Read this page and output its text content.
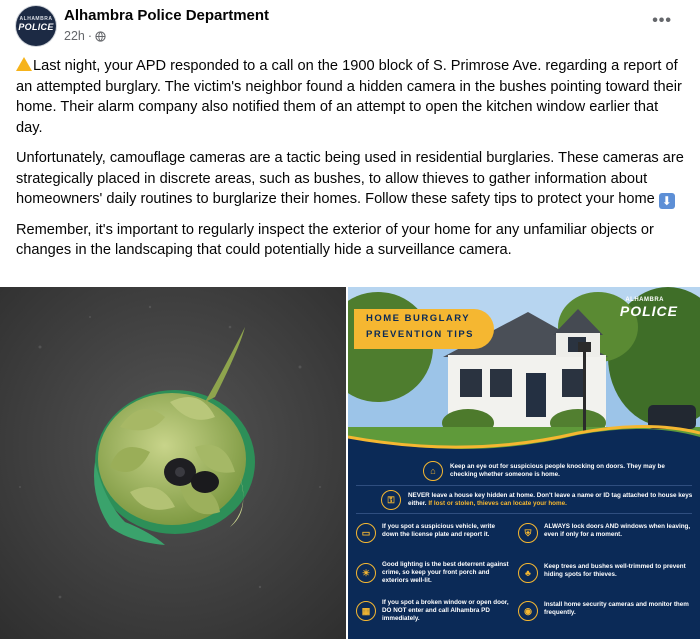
ALHAMBRA
POLICE
Alhambra Police Department
22h ·
•••

Last night, your APD responded to a call on the 1900 block of S. Primrose Ave. regarding a report of an attempted burglary. The victim's neighbor found a hidden camera in the bushes pointing toward their home. Their alarm company also notified them of an attempt to open the kitchen window earlier that day.

Unfortunately, camouflage cameras are a tactic being used in residential burglaries. These cameras are strategically placed in discrete areas, such as bushes, to allow thieves to gather information about homeowners' daily routines to burglarize their homes. Follow these safety tips to protect your home ⬇

Remember, it's important to regularly inspect the exterior of your home for any unfamiliar objects or changes in the landscaping that could potentially hide a surveillance camera.

HOME BURGLARY
PREVENTION TIPS
ALHAMBRA
POLICE
⌂	Keep an eye out for suspicious people knocking on doors. They may be checking whether someone is home.
⚿	NEVER leave a house key hidden at home. Don't leave a name or ID tag attached to house keys either. If lost or stolen, thieves can locate your home.
▭
If you spot a suspicious vehicle, write down the license plate and report it.	⛨
ALWAYS lock doors AND windows when leaving, even if only for a moment.
☀
Good lighting is the best deterrent against crime, so keep your front porch and exteriors well-lit.
♣
Keep trees and bushes well-trimmed to prevent hiding spots for thieves.
▦
If you spot a broken window or open door, DO NOT enter and call Alhambra PD immediately.
◉
Install home security cameras and monitor them frequently.
